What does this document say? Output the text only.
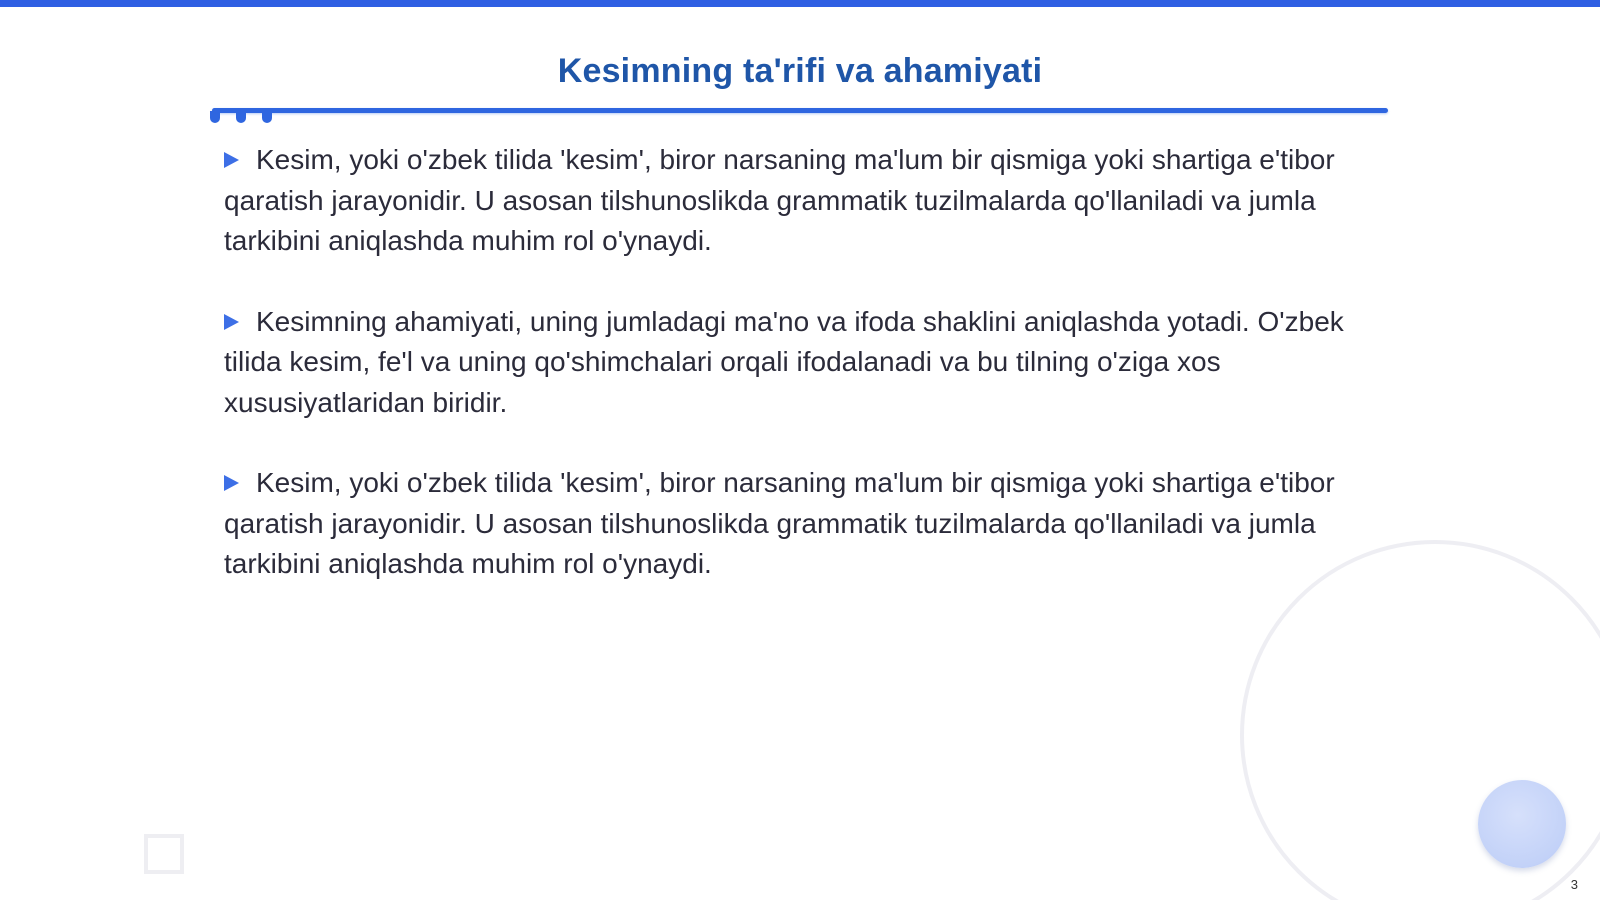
Kesimning ta'rifi va ahamiyati

Kesim, yoki o'zbek tilida 'kesim', biror narsaning ma'lum bir qismiga yoki shartiga e'tibor qaratish jarayonidir. U asosan tilshunoslikda grammatik tuzilmalarda qo'llaniladi va jumla tarkibini aniqlashda muhim rol o'ynaydi.

Kesimning ahamiyati, uning jumladagi ma'no va ifoda shaklini aniqlashda yotadi. O'zbek tilida kesim, fe'l va uning qo'shimchalari orqali ifodalanadi va bu tilning o'ziga xos xususiyatlaridan biridir.

Kesim, yoki o'zbek tilida 'kesim', biror narsaning ma'lum bir qismiga yoki shartiga e'tibor qaratish jarayonidir. U asosan tilshunoslikda grammatik tuzilmalarda qo'llaniladi va jumla tarkibini aniqlashda muhim rol o'ynaydi.

3
